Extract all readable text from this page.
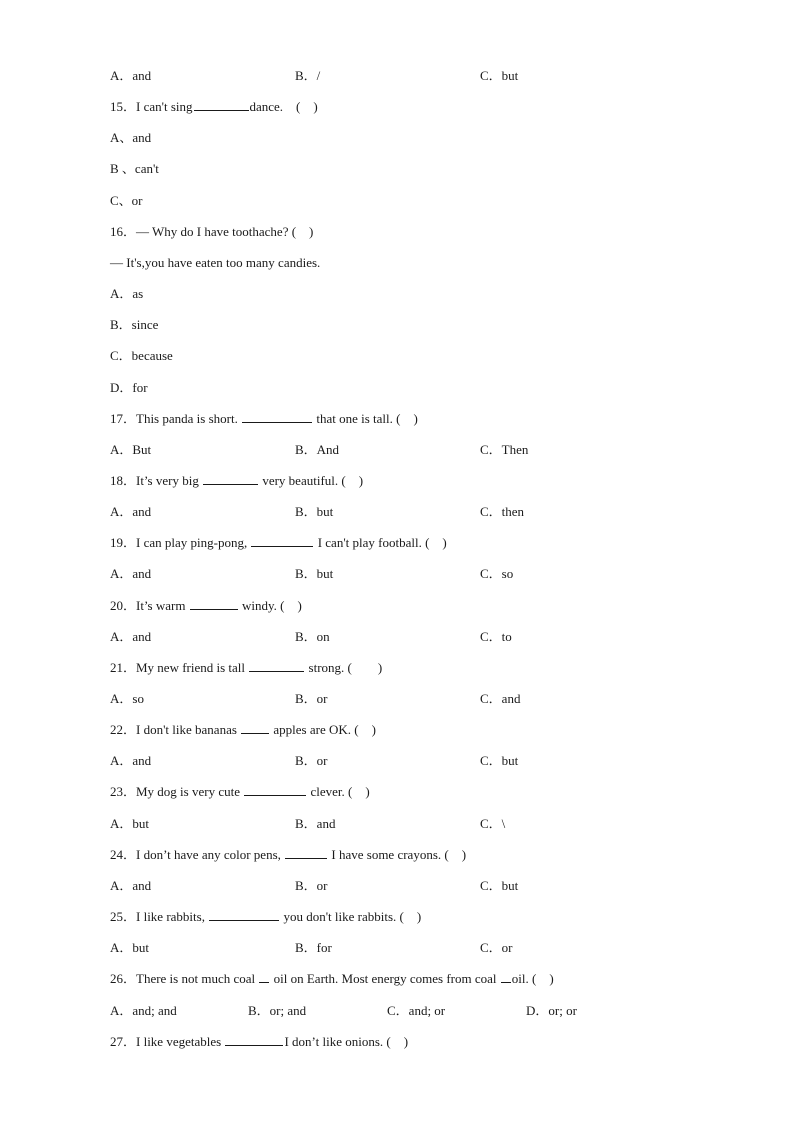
A．and	B．/	C．but
15．I can't sing	dance.　(　)
A、and
B 、can't
C、or
16．— Why do I have toothache? (　)
— It's,you have eaten too many candies.
A．as
B．since
C．because
D．for
17．This panda is short.	that one is tall. (　)
A．But	B．And	C．Then
18．It’s very big	very beautiful. (　)
A．and	B．but	C．then
19．I can play ping-pong,	I can't play football. (　)
A．and	B．but	C．so
20．It’s warm	windy. (　)
A．and	B．on	C．to
21．My new friend is tall	strong. (　　)
A．so	B．or	C．and
22．I don't like bananas  apples are OK. (　)
A．and	B．or	C．but
23．My dog is very cute	clever. (　)
A．but	B．and	C．\
24．I don’t have any color pens,	I have some crayons. (　)
A．and	B．or	C．but
25．I like rabbits,	you don't like rabbits. (　)
A．but	B．for	C．or
26．There is not much coal  oil on Earth. Most energy comes from coal oil. (　)
A．and; and	B．or; and	C．and; or	D．or; or
27．I like vegetables	I don’t like onions. (　)
